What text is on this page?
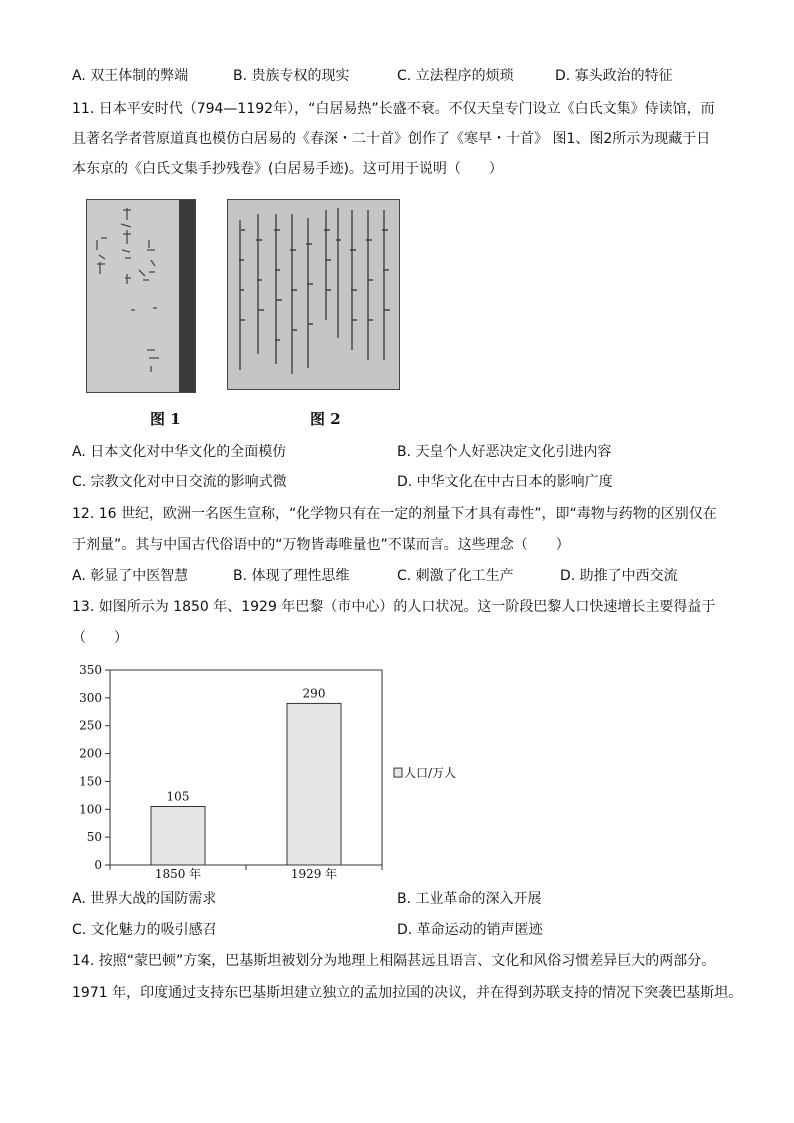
A. 双王体制的弊端	B. 贵族专权的现实	C. 立法程序的烦琐	D. 寡头政治的特征
11. 日本平安时代（794—1192年），“白居易热”长盛不衰。不仅天皇专门设立《白氏文集》侍读馆，而
且著名学者菅原道真也模仿白居易的《春深・二十首》创作了《寒早・十首》 图1、图2所示为现藏于日
本东京的《白氏文集手抄残卷》(白居易手迹)。这可用于说明（　　）
图 1	图 2
A. 日本文化对中华文化的全面模仿	B. 天皇个人好恶决定文化引进内容
C. 宗教文化对中日交流的影响式微	D. 中华文化在中古日本的影响广度
12. 16 世纪，欧洲一名医生宣称，“化学物只有在一定的剂量下才具有毒性”，即“毒物与药物的区别仅在
于剂量”。其与中国古代俗语中的“万物皆毒唯量也”不谋而言。这些理念（　　）
A. 彰显了中医智慧	B. 体现了理性思维	C. 刺激了化工生产	D. 助推了中西交流
13. 如图所示为 1850 年、1929 年巴黎（市中心）的人口状况。这一阶段巴黎人口快速增长主要得益于
（　　）
0
50
100
150
200
250
300
350
105
1850 年
290
1929 年
人口/万人
A. 世界大战的国防需求	B. 工业革命的深入开展
C. 文化魅力的吸引感召	D. 革命运动的销声匿迹
14. 按照“蒙巴顿”方案，巴基斯坦被划分为地理上相隔甚远且语言、文化和风俗习惯差异巨大的两部分。
1971 年，印度通过支持东巴基斯坦建立独立的孟加拉国的决议，并在得到苏联支持的情况下突袭巴基斯坦。
